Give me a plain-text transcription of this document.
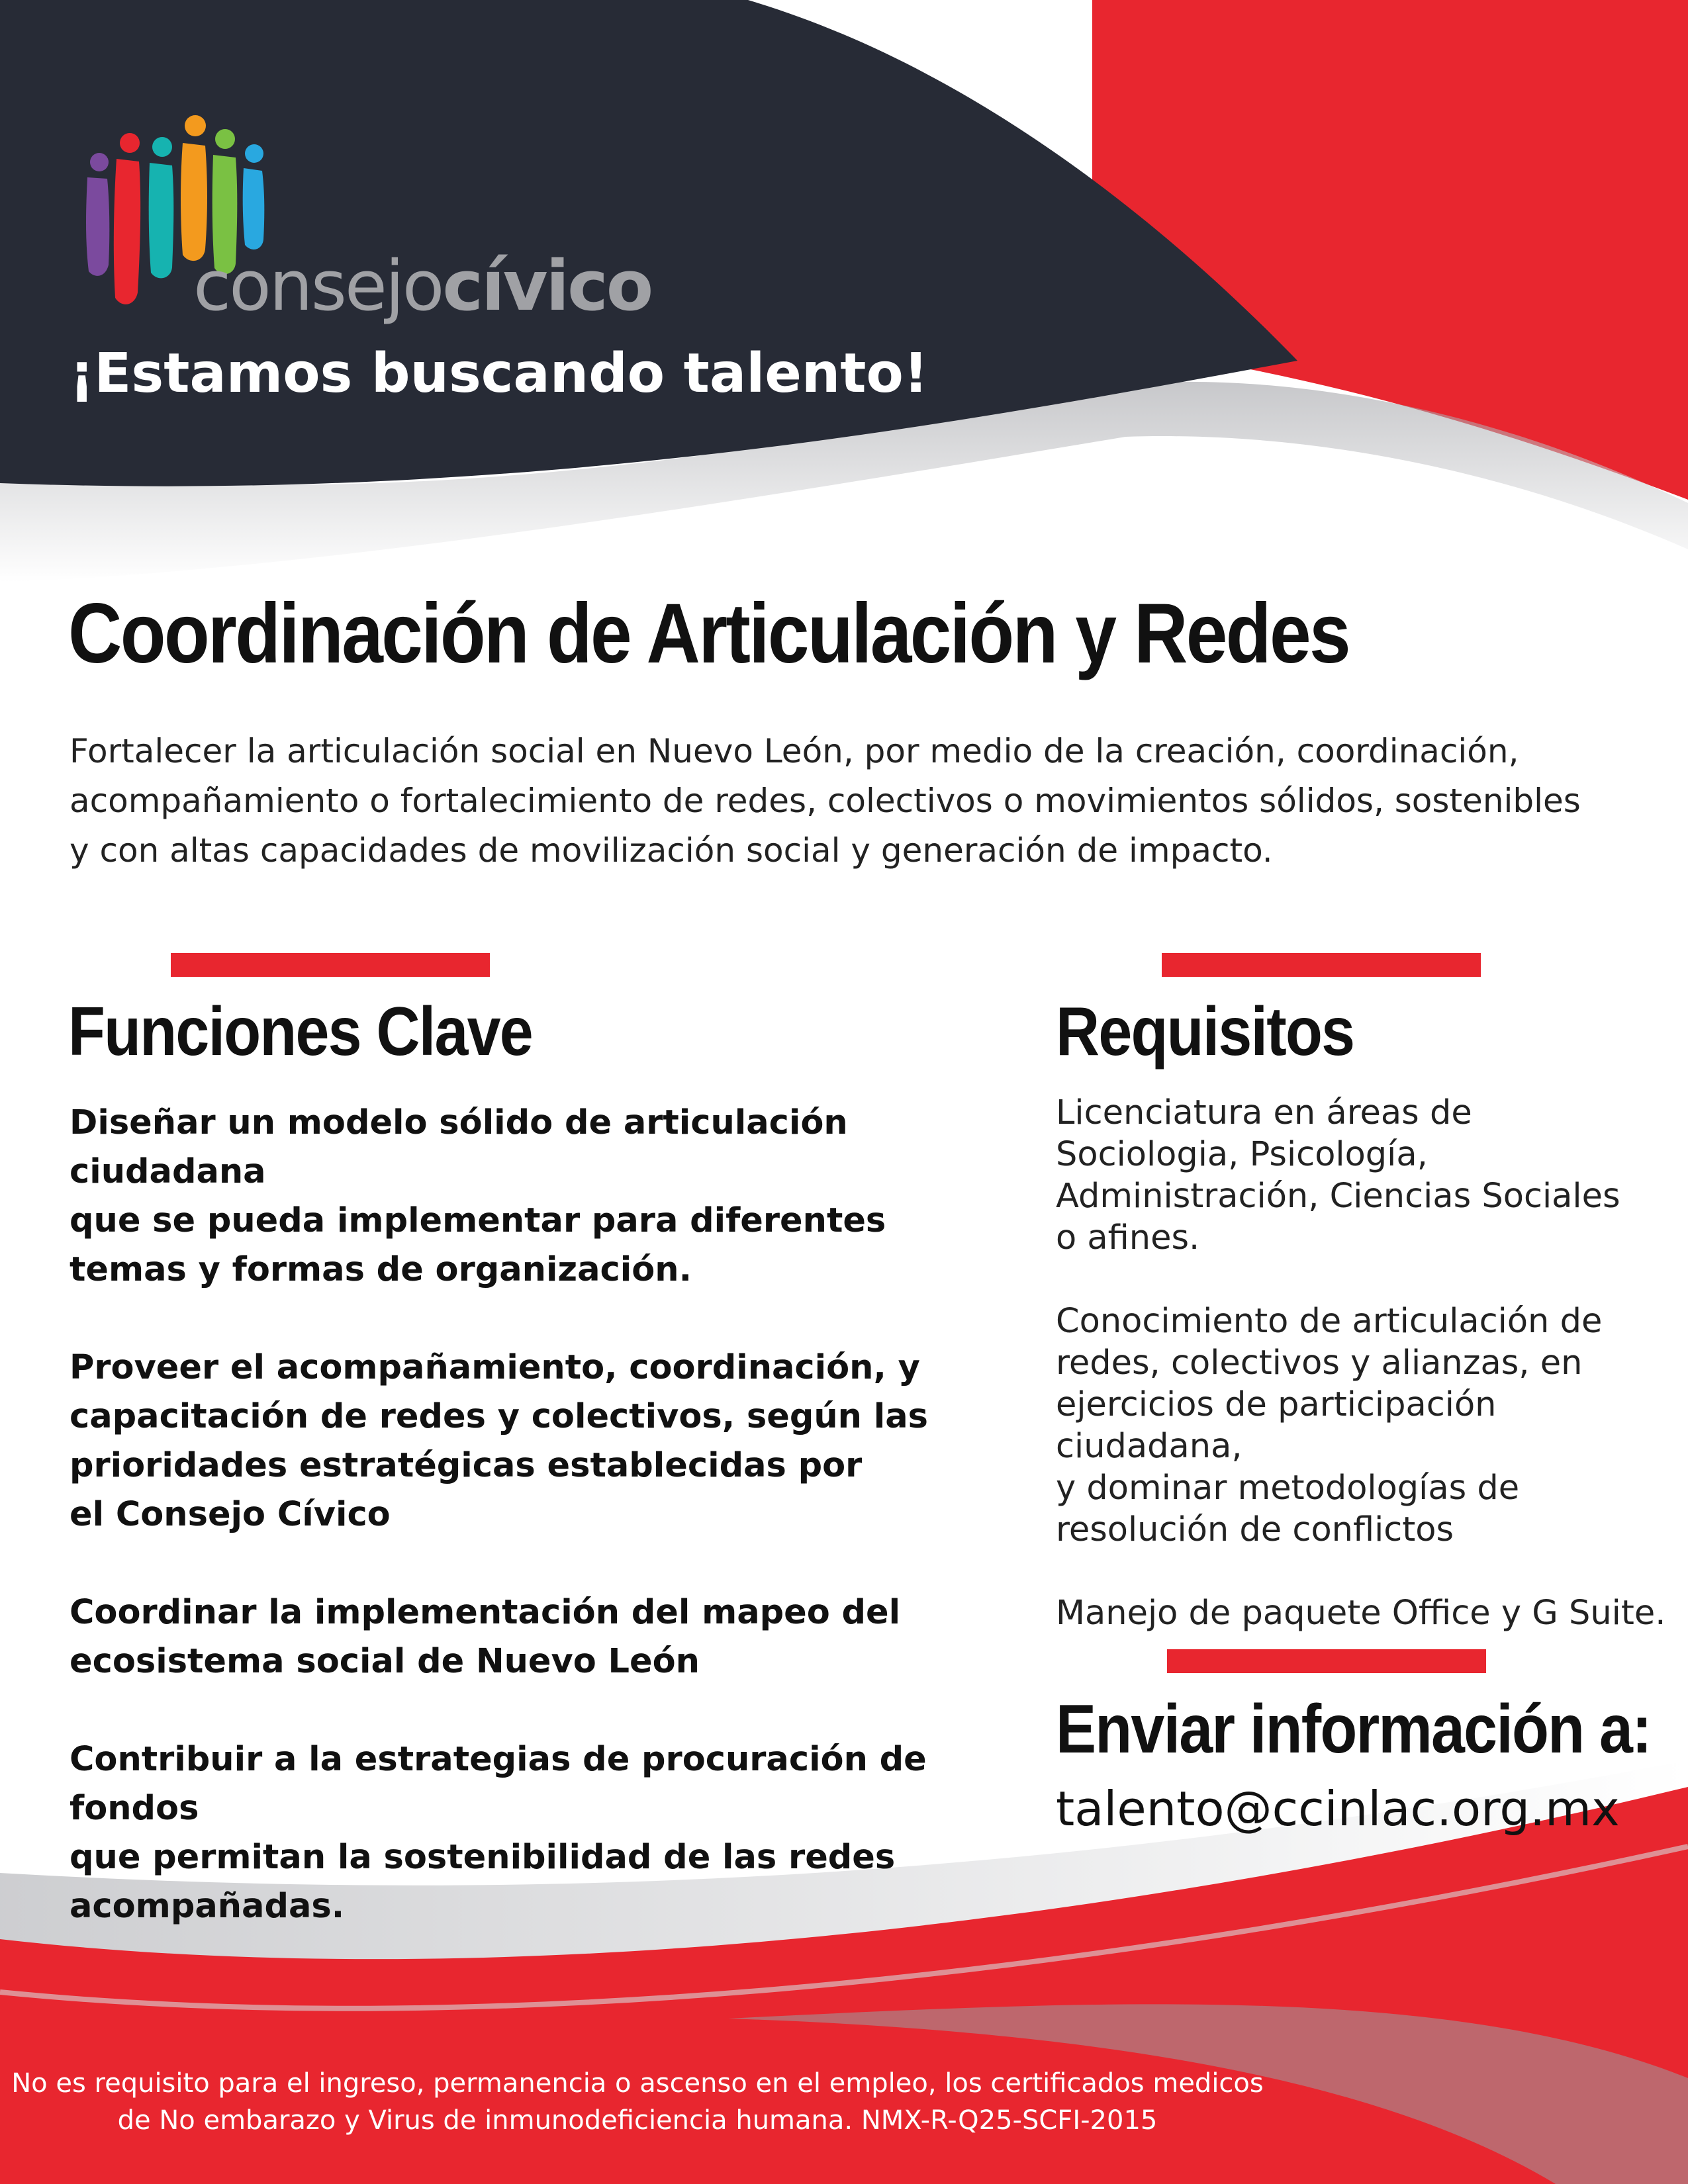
consejocívico
¡Estamos buscando talento!
Coordinación de Articulación y Redes
Fortalecer la articulación social en Nuevo León, por medio de la creación, coordinación,
acompañamiento o fortalecimiento de redes, colectivos o movimientos sólidos, sostenibles
y con altas capacidades de movilización social y generación de impacto.
Funciones Clave	Requisitos

Diseñar un modelo sólido de articulación ciudadana
que se pueda implementar para diferentes
temas y formas de organización.

Proveer el acompañamiento, coordinación, y
capacitación de redes y colectivos, según las
prioridades estratégicas establecidas por
el Consejo Cívico

Coordinar la implementación del mapeo del
ecosistema social de Nuevo León

Contribuir a la estrategias de procuración de fondos
que permitan la sostenibilidad de las redes
acompañadas.

Licenciatura en áreas de
Sociologia, Psicología,
Administración, Ciencias Sociales
o afines.

Conocimiento de articulación de
redes, colectivos y alianzas, en
ejercicios de participación ciudadana,
y dominar metodologías de
resolución de conflictos

Manejo de paquete Office y G Suite.

Enviar información a:
talento@ccinlac.org.mx
No es requisito para el ingreso, permanencia o ascenso en el empleo, los certificados medicos
de No embarazo y Virus de inmunodeficiencia humana. NMX-R-Q25-SCFI-2015
